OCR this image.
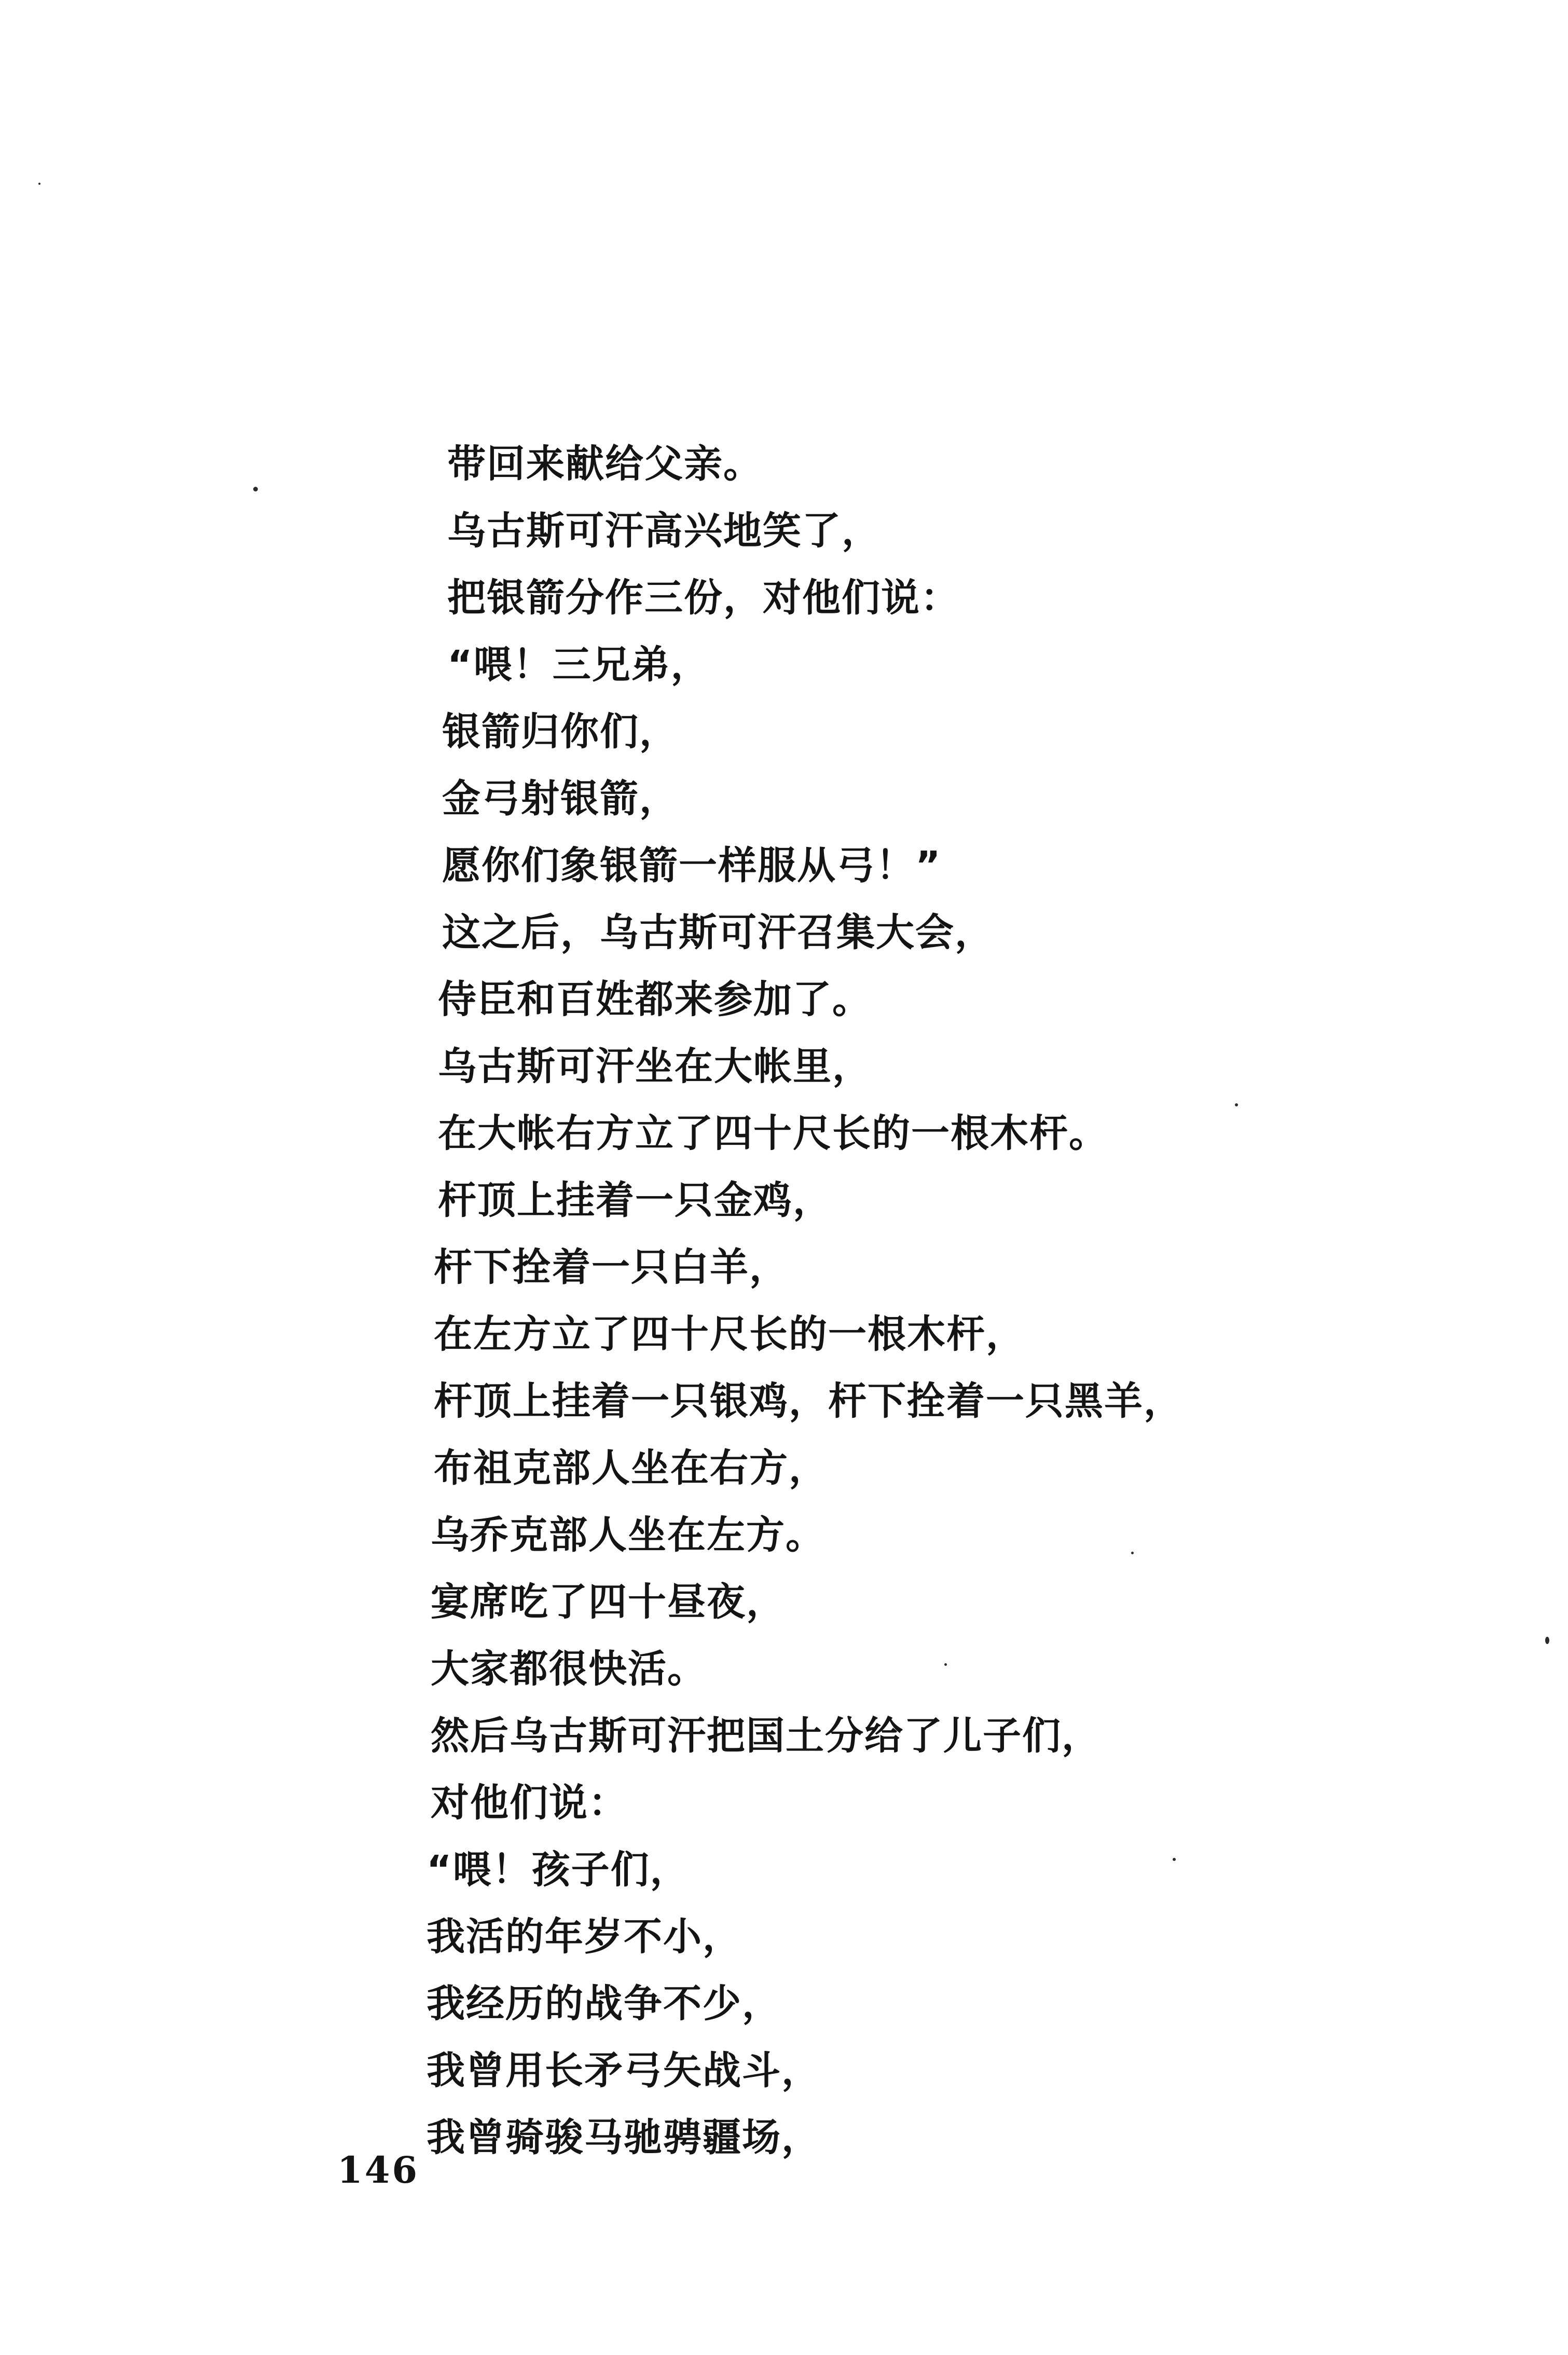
带回来献给父亲。
乌古斯可汗高兴地笑了，
把银箭分作三份，对他们说：
“喂！三兄弟，
银箭归你们，
金弓射银箭，
愿你们象银箭一样服从弓！”
这之后，乌古斯可汗召集大会，
侍臣和百姓都来参加了。
乌古斯可汗坐在大帐里，
在大帐右方立了四十尺长的一根木杆。
杆顶上挂着一只金鸡，
杆下拴着一只白羊，
在左方立了四十尺长的一根木杆，
杆顶上挂着一只银鸡，杆下拴着一只黑羊，
布祖克部人坐在右方，
乌乔克部人坐在左方。
宴席吃了四十昼夜，
大家都很快活。
然后乌古斯可汗把国土分给了儿子们，
对他们说：
“喂！孩子们，
我活的年岁不小，
我经历的战争不少，
我曾用长矛弓矢战斗，
我曾骑骏马驰骋疆场，
146
